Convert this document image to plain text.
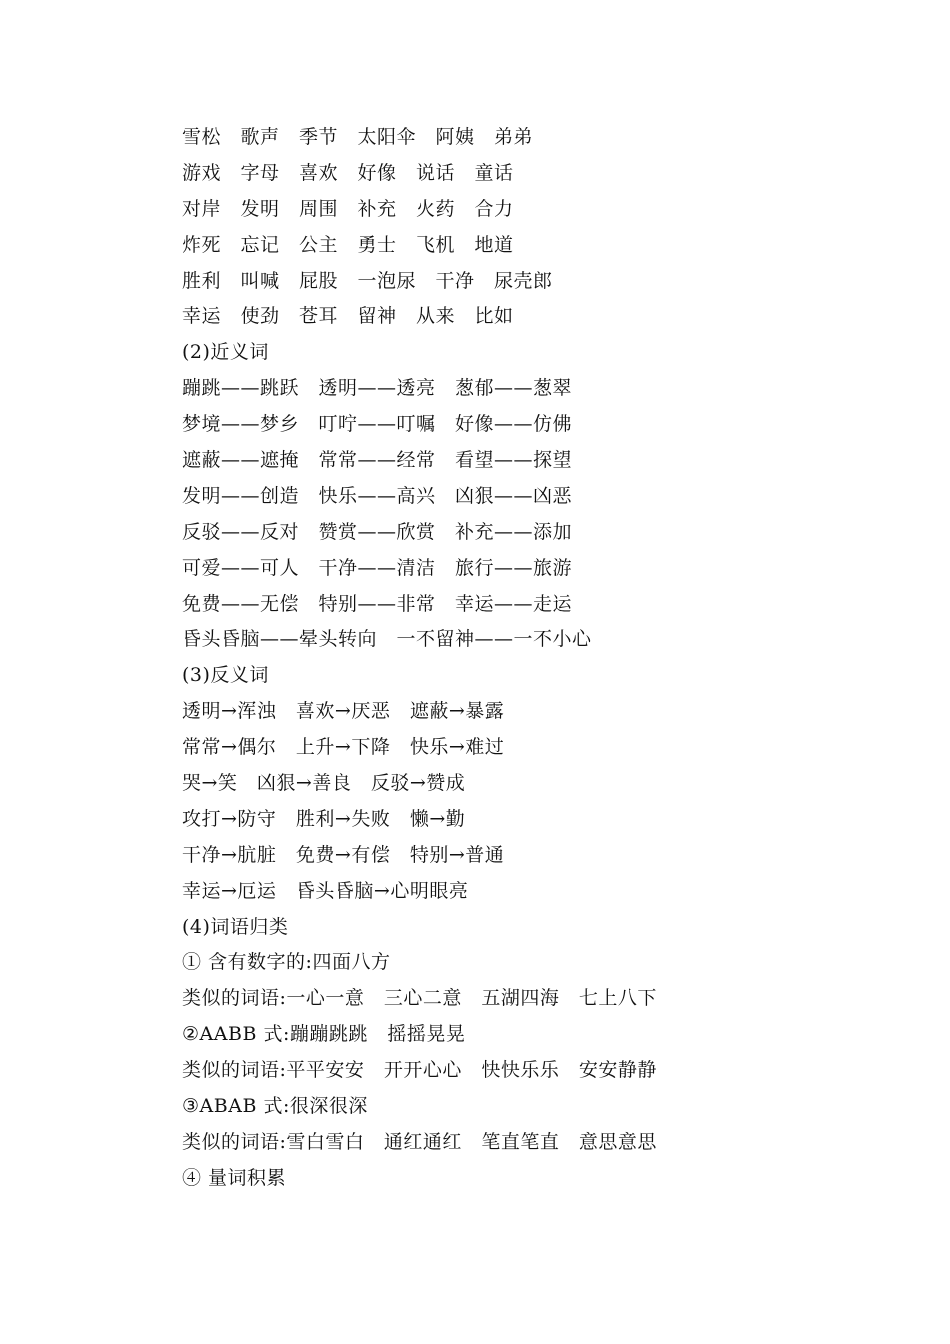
雪松　歌声　季节　太阳伞　阿姨　弟弟
游戏　字母　喜欢　好像　说话　童话
对岸　发明　周围　补充　火药　合力
炸死　忘记　公主　勇士　飞机　地道
胜利　叫喊　屁股　一泡尿　干净　尿壳郎
幸运　使劲　苍耳　留神　从来　比如
(2)近义词
蹦跳——跳跃　透明——透亮　葱郁——葱翠
梦境——梦乡　叮咛——叮嘱　好像——仿佛
遮蔽——遮掩　常常——经常　看望——探望
发明——创造　快乐——高兴　凶狠——凶恶
反驳——反对　赞赏——欣赏　补充——添加
可爱——可人　干净——清洁　旅行——旅游
免费——无偿　特别——非常　幸运——走运
昏头昏脑——晕头转向　一不留神——一不小心
(3)反义词
透明→浑浊　喜欢→厌恶　遮蔽→暴露
常常→偶尔　上升→下降　快乐→难过
哭→笑　凶狠→善良　反驳→赞成
攻打→防守　胜利→失败　懒→勤
干净→肮脏　免费→有偿　特别→普通
幸运→厄运　昏头昏脑→心明眼亮
(4)词语归类
① 含有数字的:四面八方
类似的词语:一心一意　三心二意　五湖四海　七上八下
②AABB 式:蹦蹦跳跳　摇摇晃晃
类似的词语:平平安安　开开心心　快快乐乐　安安静静
③ABAB 式:很深很深
类似的词语:雪白雪白　通红通红　笔直笔直　意思意思
④ 量词积累
